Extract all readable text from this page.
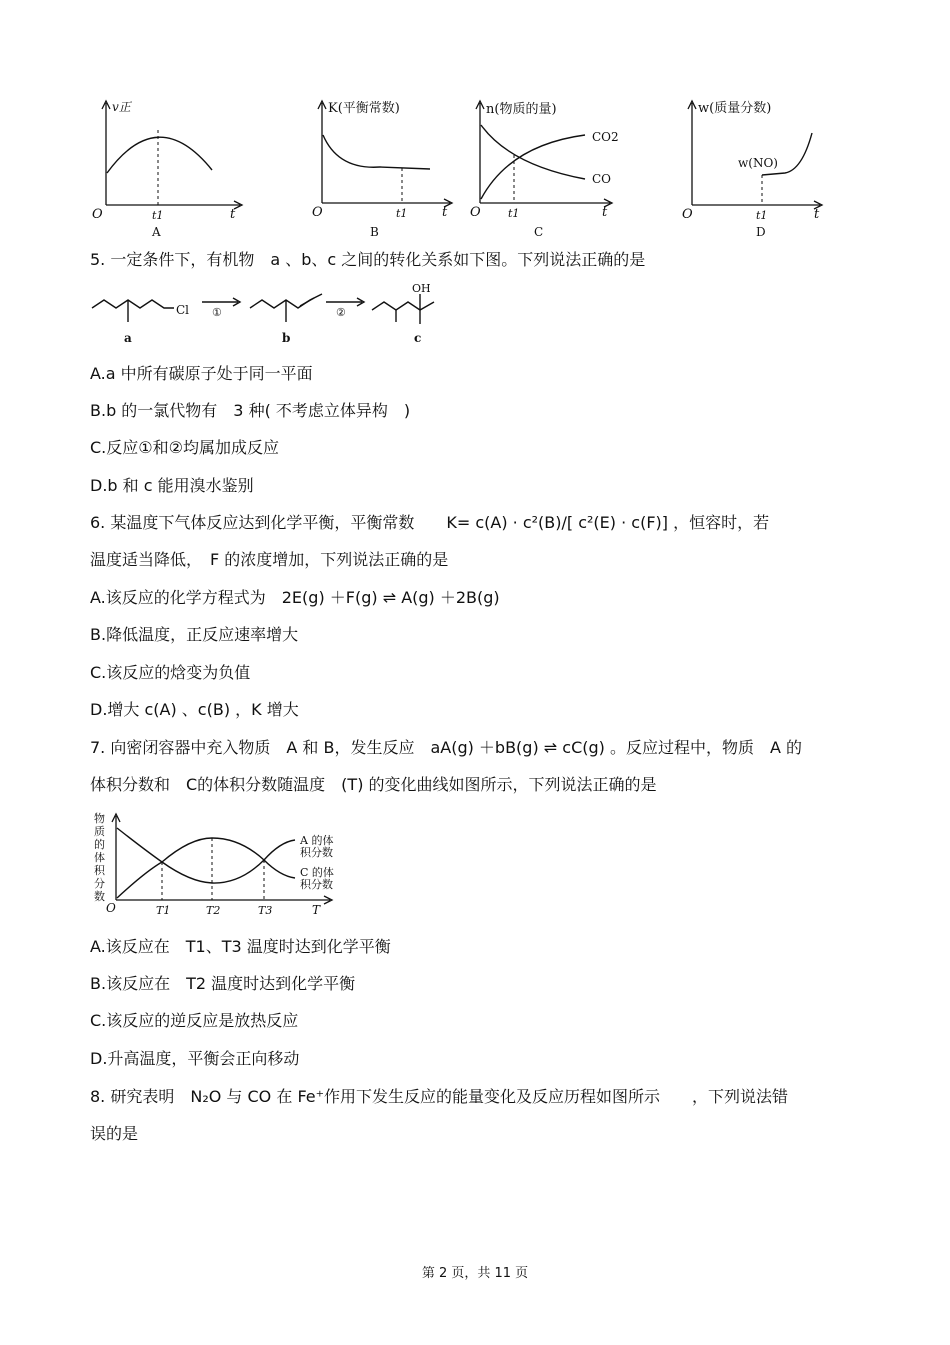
v正
O	t1	t
A
K(平衡常数)
O	t1	t
B
n(物质的量)
CO2
CO
O t1	t
C
w(质量分数)
w(NO)
O	t1	t
D
5. 一定条件下，有机物　a 、b、c 之间的转化关系如下图。下列说法正确的是
Cl
a
①
b
②
OH
c
A.a 中所有碳原子处于同一平面
B.b 的一氯代物有　3 种( 不考虑立体异构　)
C.反应①和②均属加成反应
D.b 和 c 能用溴水鉴别
6. 某温度下气体反应达到化学平衡，平衡常数　　K= c(A) · c²(B)/[ c²(E) · c(F)] ，恒容时，若
温度适当降低，　F 的浓度增加，下列说法正确的是
A.该反应的化学方程式为　2E(g) ＋F(g) ⇌ A(g) ＋2B(g)
B.降低温度，正反应速率增大
C.该反应的焓变为负值
D.增大 c(A) 、c(B) ，K 增大
7. 向密闭容器中充入物质　A 和 B，发生反应　aA(g) ＋bB(g) ⇌ cC(g) 。反应过程中，物质　A 的
体积分数和　C的体积分数随温度　(T) 的变化曲线如图所示，下列说法正确的是
物
质
的
体
积
分
数
A 的体
积分数
C 的体
积分数
O	T1	T2	T3	T
A.该反应在　T1、T3 温度时达到化学平衡
B.该反应在　T2 温度时达到化学平衡
C.该反应的逆反应是放热反应
D.升高温度，平衡会正向移动
8. 研究表明　N₂O 与 CO 在 Fe⁺作用下发生反应的能量变化及反应历程如图所示　　，下列说法错
误的是
第 2 页，共 11 页
